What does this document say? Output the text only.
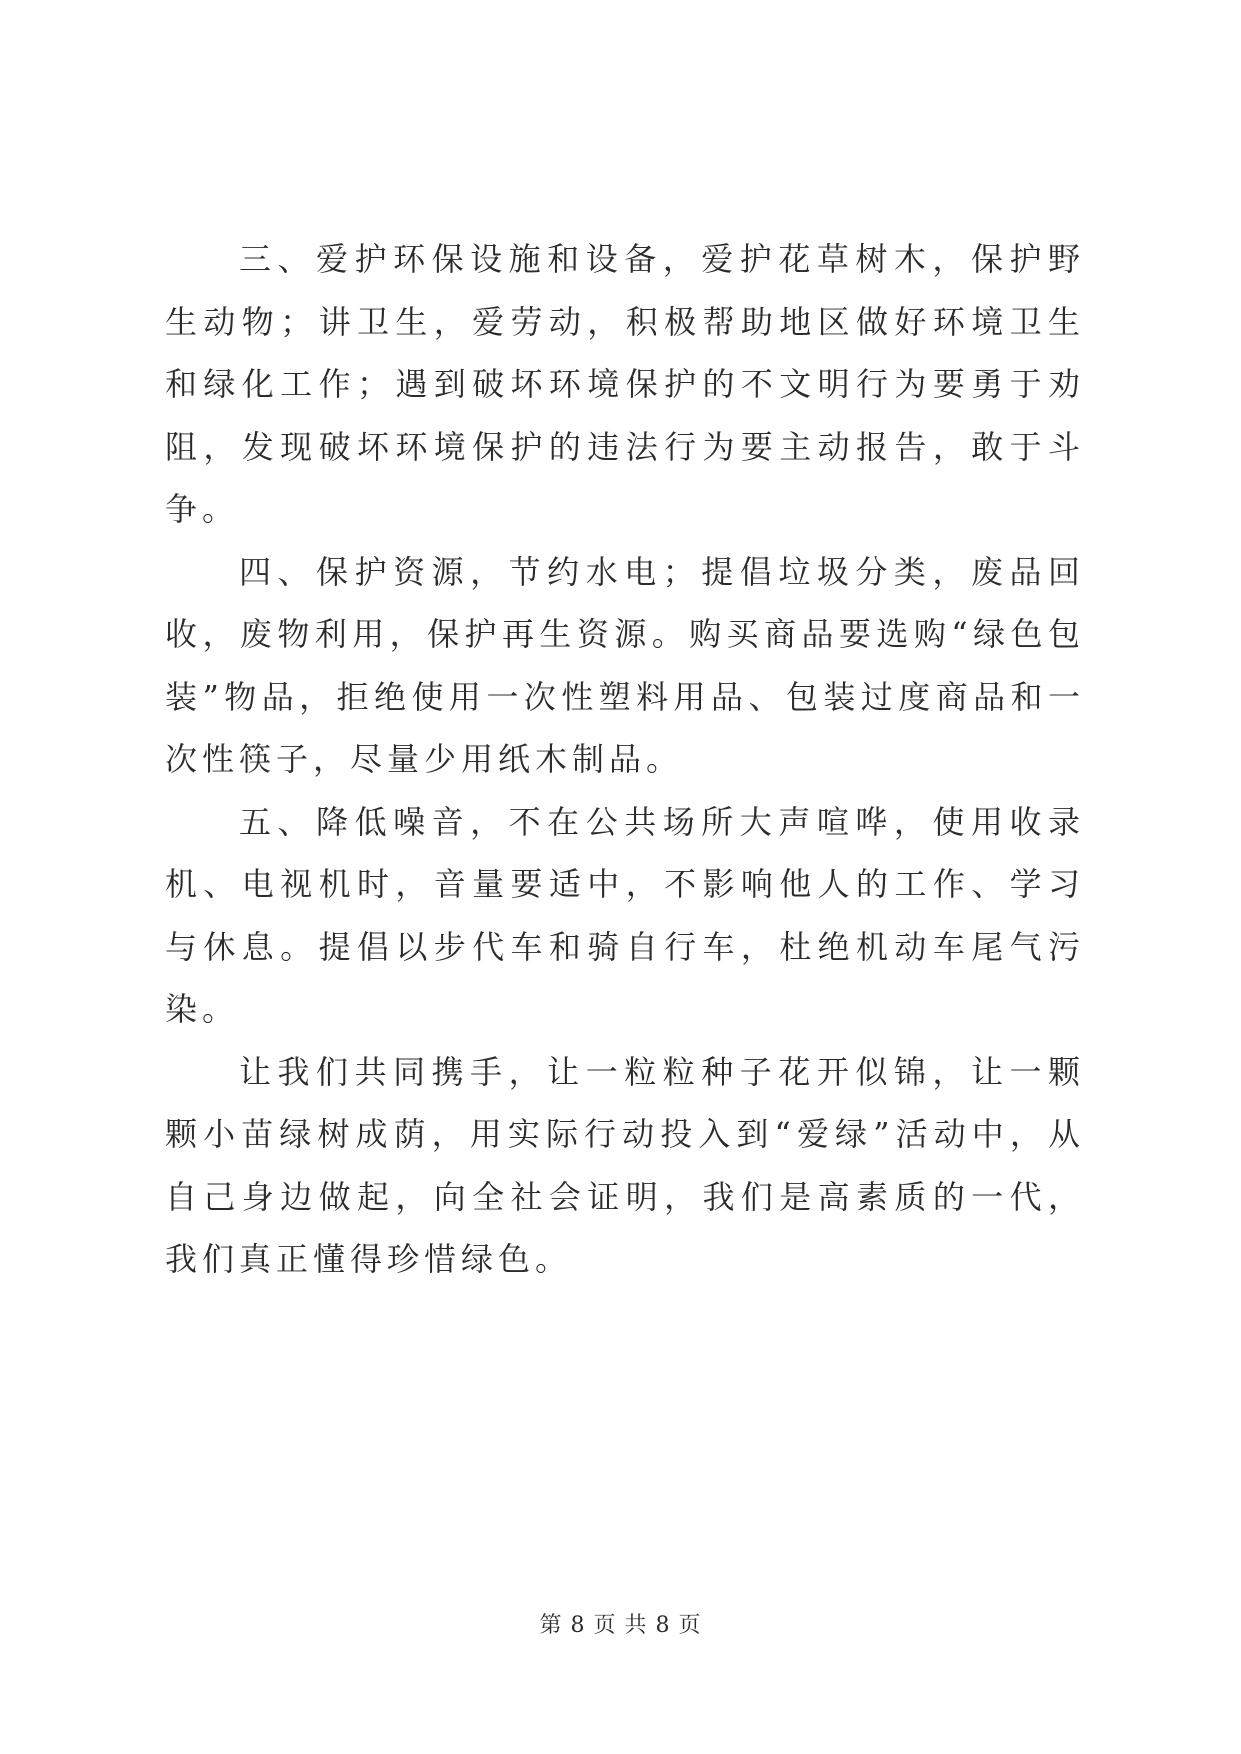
三、爱护环保设施和设备，爱护花草树木，保护野生动物；讲卫生，爱劳动，积极帮助地区做好环境卫生和绿化工作；遇到破坏环境保护的不文明行为要勇于劝阻，发现破坏环境保护的违法行为要主动报告，敢于斗争。

四、保护资源，节约水电；提倡垃圾分类，废品回收，废物利用，保护再生资源。购买商品要选购“绿色包装”物品，拒绝使用一次性塑料用品、包装过度商品和一次性筷子，尽量少用纸木制品。

五、降低噪音，不在公共场所大声喧哗，使用收录机、电视机时，音量要适中，不影响他人的工作、学习与休息。提倡以步代车和骑自行车，杜绝机动车尾气污染。

让我们共同携手，让一粒粒种子花开似锦，让一颗颗小苗绿树成荫，用实际行动投入到“爱绿”活动中，从自己身边做起，向全社会证明，我们是高素质的一代，我们真正懂得珍惜绿色。

第 8 页 共 8 页
